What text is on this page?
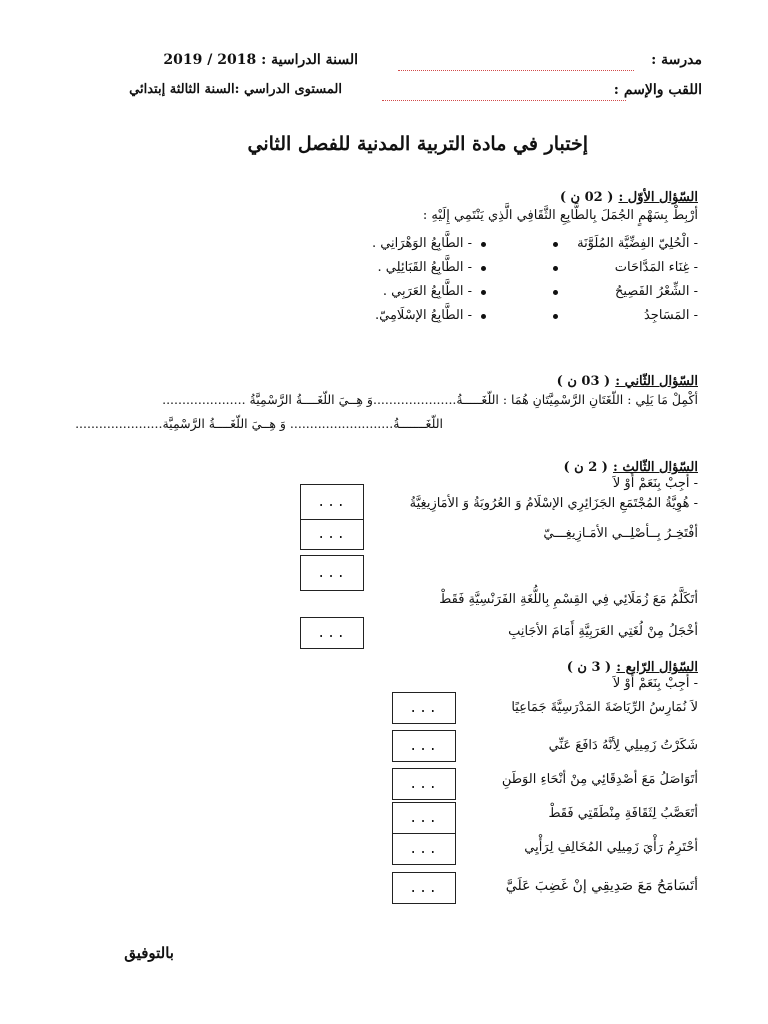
مدرسة :
السنة الدراسية : 2018 / 2019
اللقب والإسم :
المستوى الدراسي :السنة الثالثة إبتدائي
إختبار في مادة التربية المدنية للفصل الثاني
السّؤال الأوّل : ( 02 ن )
أرْبِطْ بِسَهْمٍ الجُمَلَ بِالطَّابِعِ الثَّقَافِي الَّذِي يَنْتَمِي إِلَيْهِ :
- الْحُلِيّ الفِضِّيَّة المُلَوَّنَة
- غِنَاء المَدَّاحَات
- الشِّعْرُ الفَصِيحُ
- المَسَاجِدُ
- الطَّابِعُ الوَهْرَانِي .
- الطَّابِعُ القَبَائِلِي .
- الطَّابِعُ العَرَبِي .
- الطَّابِعُ الإسْلَامِيّ.
السّؤال الثّاني : ( 03 ن )
أكْمِلْ مَا يَلِي : اللّغَتَانِ الرَّسْمِيَّتَانِ هُمَا : اللّغَـــــةُ.....................وَ هِــيَ اللّغَــــةُ الرَّسْمِيَّةُ .....................
اللّغَـــــــةُ.......................... وَ هِــيَ اللّغَــــةُ الرَّسْمِيَّة......................
السّؤال الثّالث : ( 2 ن )
- أجِبْ بِنَعَمْ أَوْ لاَ
...
...
...
...
- هُوِيَّةُ المُجْتَمَعِ الجَزَائِرِي الإسْلَامُ وَ العُرُوبَةُ وَ الأمَازِيغِيَّةُ
أفْتَخِـرُ بِــأصْلِــي الأمَـازِيغِـــيّ
أتَكَلَّمُ مَعَ زُمَلَائِي فِي القِسْمِ بِاللُّغَةِ الفَرَنْسِيَّةِ فَقَطْ
أخْجَلُ مِنْ لُغَتِي العَرَبِيَّةِ أَمَامَ الأجَانِبِ
السّؤال الرّابع : ( 3 ن )
- أجِبْ بِنَعَمْ أَوْ لاَ
...
...
...
...
...
...
لاَ نُمَارِسُ الرِّيَاضَةَ المَدْرَسِيَّةَ جَمَاعِيًا
شَكَرْتُ زَمِيلِي لِأنَّهُ دَافَعَ عَنِّي
أتَوَاصَلُ مَعَ أصْدِقَائِي مِنْ أنْحَاءِ الوَطَنِ
أتَعَصَّبُ لِثَقَافَةِ مِنْطَقَتِي فَقَطْ
أحْتَرِمُ رَأْيَ زَمِيلِي المُخَالِفِ لِرَأْيِي
أتَسَامَحُ مَعَ صَدِيقِي إنْ غَضِبَ عَلَيَّ
بالتوفيق
